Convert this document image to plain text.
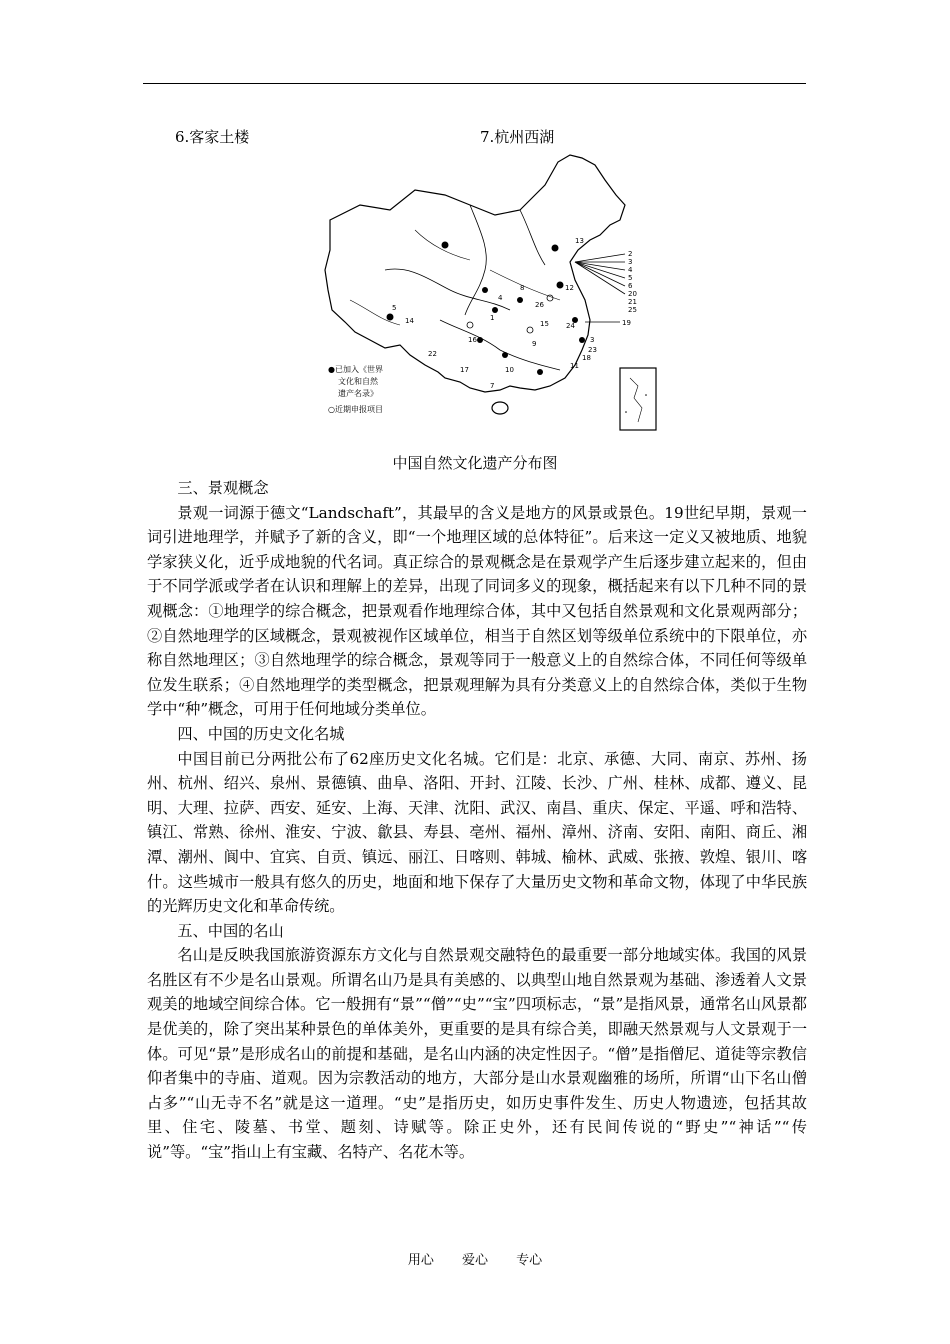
6.客家土楼	7.杭州西湖
13
2
3
4
5
6
20
21
25
14
12
26
8
19
1
15 24
3
16	9
22
17	10	11
18
7
23
5
4
●已加入《世界
文化和自然
遗产名录》
○近期申报项目
中国自然文化遗产分布图

三、景观概念

景观一词源于德文“Landschaft”，其最早的含义是地方的风景或景色。19世纪早期，景观一词引进地理学，并赋予了新的含义，即“一个地理区域的总体特征”。后来这一定义又被地质、地貌学家狭义化，近乎成地貌的代名词。真正综合的景观概念是在景观学产生后逐步建立起来的，但由于不同学派或学者在认识和理解上的差异，出现了同词多义的现象，概括起来有以下几种不同的景观概念：①地理学的综合概念，把景观看作地理综合体，其中又包括自然景观和文化景观两部分；②自然地理学的区域概念，景观被视作区域单位，相当于自然区划等级单位系统中的下限单位，亦称自然地理区；③自然地理学的综合概念，景观等同于一般意义上的自然综合体，不同任何等级单位发生联系；④自然地理学的类型概念，把景观理解为具有分类意义上的自然综合体，类似于生物学中“种”概念，可用于任何地域分类单位。

四、中国的历史文化名城

中国目前已分两批公布了62座历史文化名城。它们是：北京、承德、大同、南京、苏州、扬州、杭州、绍兴、泉州、景德镇、曲阜、洛阳、开封、江陵、长沙、广州、桂林、成都、遵义、昆明、大理、拉萨、西安、延安、上海、天津、沈阳、武汉、南昌、重庆、保定、平遥、呼和浩特、镇江、常熟、徐州、淮安、宁波、歙县、寿县、亳州、福州、漳州、济南、安阳、南阳、商丘、湘潭、潮州、阆中、宜宾、自贡、镇远、丽江、日喀则、韩城、榆林、武威、张掖、敦煌、银川、喀什。这些城市一般具有悠久的历史，地面和地下保存了大量历史文物和革命文物，体现了中华民族的光辉历史文化和革命传统。

五、中国的名山

名山是反映我国旅游资源东方文化与自然景观交融特色的最重要一部分地域实体。我国的风景名胜区有不少是名山景观。所谓名山乃是具有美感的、以典型山地自然景观为基础、渗透着人文景观美的地域空间综合体。它一般拥有“景”“僧”“史”“宝”四项标志，“景”是指风景，通常名山风景都是优美的，除了突出某种景色的单体美外，更重要的是具有综合美，即融天然景观与人文景观于一体。可见“景”是形成名山的前提和基础，是名山内涵的决定性因子。“僧”是指僧尼、道徒等宗教信仰者集中的寺庙、道观。因为宗教活动的地方，大部分是山水景观幽雅的场所，所谓“山下名山僧占多”“山无寺不名”就是这一道理。“史”是指历史，如历史事件发生、历史人物遗迹，包括其故里、住宅、陵墓、书堂、题刻、诗赋等。除正史外，还有民间传说的“野史”“神话”“传说”等。“宝”指山上有宝藏、名特产、名花木等。

用心 爱心 专心
